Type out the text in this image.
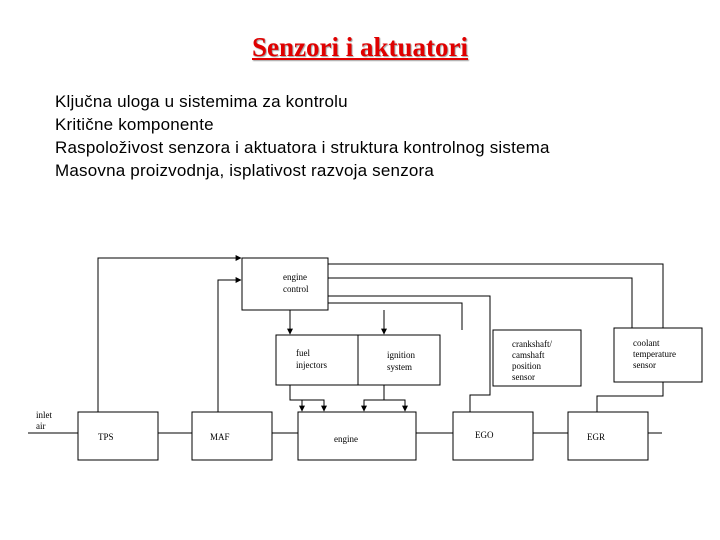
Senzori i aktuatori
Ključna uloga u sistemima za kontrolu
Kritične komponente
Raspoloživost senzora i aktuatora i struktura kontrolnog sistema
Masovna proizvodnja, isplativost razvoja senzora
engine
control
fuel
injectors
ignition
system
crankshaft/
camshaft
position
sensor
coolant
temperature
sensor
TPS	MAF	engine	EGO	EGR
inlet
air
